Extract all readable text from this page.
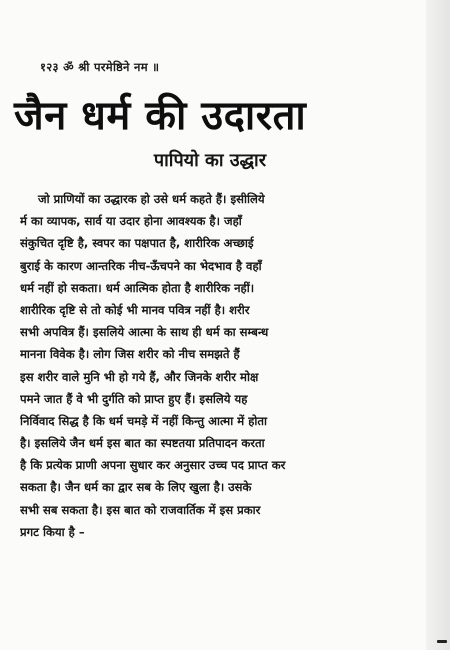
१२३ ॐ श्री परमेष्ठिने नम ॥
जैन धर्म की उदारता
पापियो का उद्धार
जो प्राणियों का उद्धारक हो उसे धर्म कहते हैं। इसीलिये
र्म का व्यापक, सार्व या उदार होना आवश्यक है। जहाँ
संकुचित दृष्टि है, स्वपर का पक्षपात है, शारीरिक अच्छाई
बुराई के कारण आन्तरिक नीच-ऊँचपने का भेदभाव है वहाँ
धर्म नहीं हो सकता। धर्म आत्मिक होता है शारीरिक नहीं।
शारीरिक दृष्टि से तो कोई भी मानव पवित्र नहीं है। शरीर
सभी अपवित्र हैं। इसलिये आत्मा के साथ ही धर्म का सम्बन्ध
मानना विवेक है। लोग जिस शरीर को नीच समझते हैं
इस शरीर वाले मुनि भी हो गये हैं, और जिनके शरीर मोक्ष
पमने जात हैं वे भी दुर्गति को प्राप्त हुए हैं। इसलिये यह
निर्विवाद सिद्ध है कि धर्म चमड़े में नहीं किन्तु आत्मा में होता
है। इसलिये जैन धर्म इस बात का स्पष्टतया प्रतिपादन करता
है कि प्रत्येक प्राणी अपना सुधार कर अनुसार उच्च पद प्राप्त कर
सकता है। जैन धर्म का द्वार सब के लिए खुला है। उसके
सभी सब सकता है। इस बात को राजवार्तिक में इस प्रकार
प्रगट किया है –
